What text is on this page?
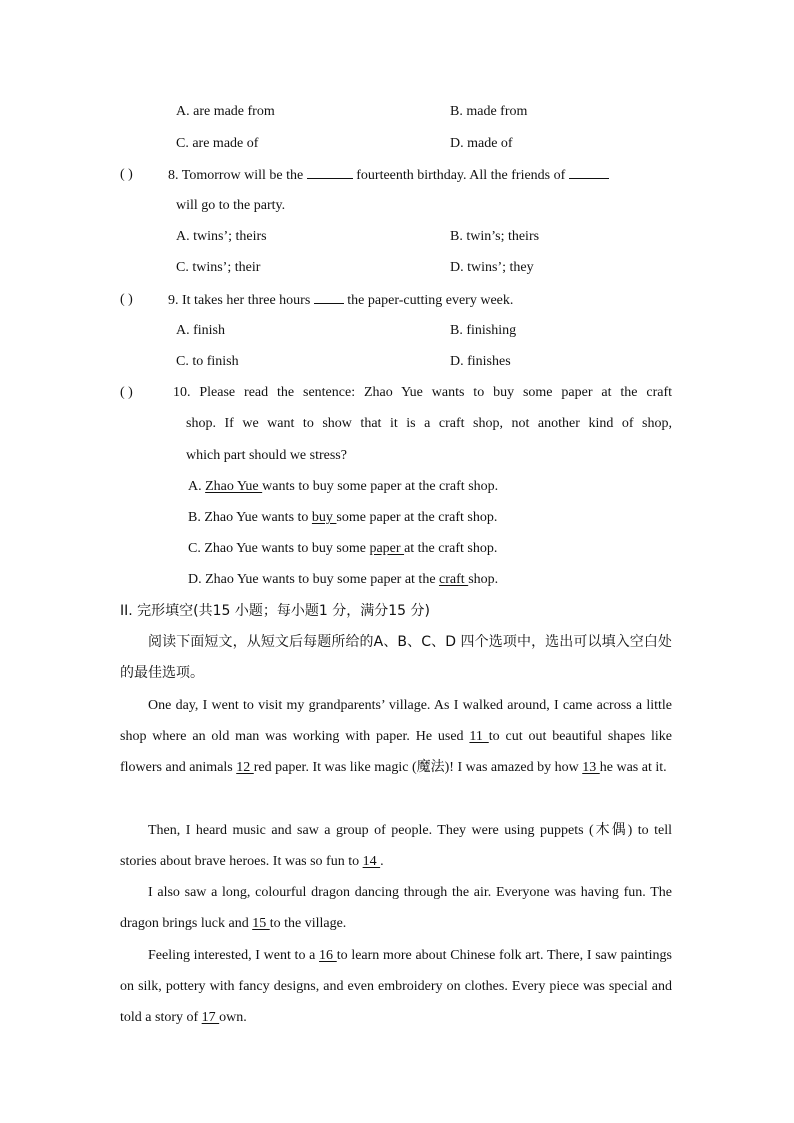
A. are made from	B. made from
C. are made of	D. made of
( )	8. Tomorrow will be the	fourteenth birthday. All the friends of
will go to the party.
A. twins’; theirs	B. twin’s; theirs
C. twins’; their	D. twins’; they
( )	9. It takes her three hours	the paper-cutting every week.
A. finish	B. finishing
C. to finish	D. finishes
( )	10. Please read the sentence: Zhao Yue wants to buy some paper at the craft
shop. If we want to show that it is a craft shop, not another kind of shop,
which part should we stress?
A. Zhao Yue wants to buy some paper at the craft shop.
B. Zhao Yue wants to buy some paper at the craft shop.
C. Zhao Yue wants to buy some paper at the craft shop.
D. Zhao Yue wants to buy some paper at the craft shop.
II. 完形填空(共15 小题；每小题1 分，满分15 分)
阅读下面短文，从短文后每题所给的A、B、C、D 四个选项中，选出可以填入空白处的最佳选项。
One day, I went to visit my grandparents’ village. As I walked around, I came across a little shop where an old man was working with paper. He used 11 to cut out beautiful shapes like flowers and animals 12 red paper. It was like magic (魔法)! I was amazed by how 13 he was at it.
Then, I heard music and saw a group of people. They were using puppets (木偶) to tell stories about brave heroes. It was so fun to 14 .
I also saw a long, colourful dragon dancing through the air. Everyone was having fun. The dragon brings luck and 15 to the village.
Feeling interested, I went to a 16 to learn more about Chinese folk art. There, I saw paintings on silk, pottery with fancy designs, and even embroidery on clothes. Every piece was special and told a story of 17 own.
